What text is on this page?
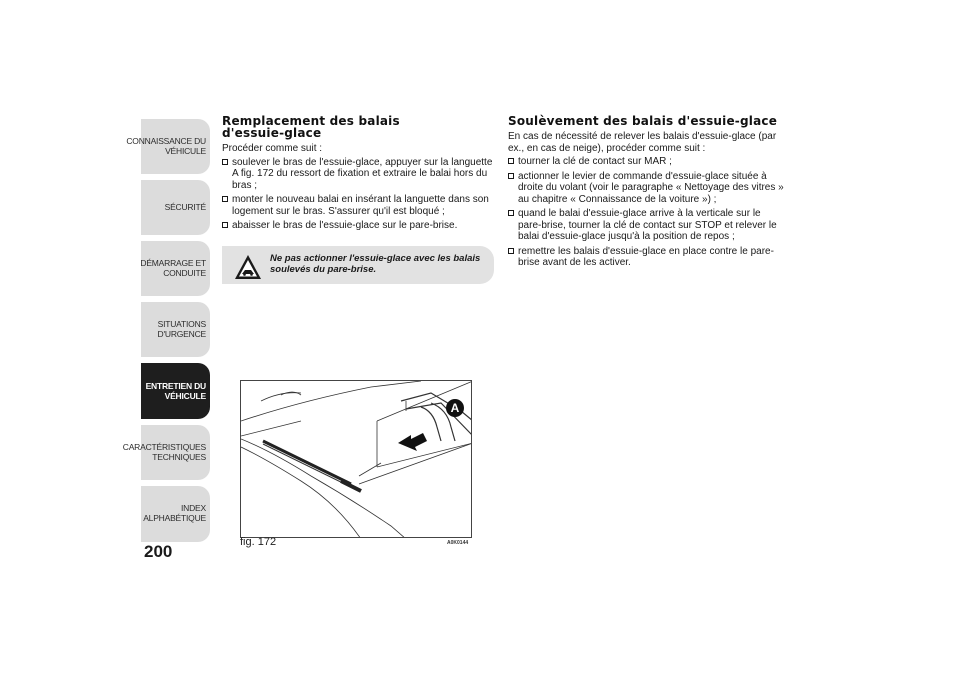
CONNAISSANCE DU
VÉHICULE
SÉCURITÉ
DÉMARRAGE ET
CONDUITE
SITUATIONS
D'URGENCE
ENTRETIEN DU
VÉHICULE
CARACTÉRISTIQUES
TECHNIQUES
INDEX
ALPHABÉTIQUE
200
Remplacement des balais
d'essuie-glace

Procéder comme suit :

soulever le bras de l'essuie-glace, appuyer sur la languette A fig. 172 du ressort de fixation et extraire le balai hors du bras ;
monter le nouveau balai en insérant la languette dans son logement sur le bras. S'assurer qu'il est bloqué ;
abaisser le bras de l'essuie-glace sur le pare-brise.
Ne pas actionner l'essuie-glace avec les balais soulevés du pare-brise.
A
fig. 172	A0K0144
Soulèvement des balais d'essuie-glace

En cas de nécessité de relever les balais d'essuie-glace (par ex., en cas de neige), procéder comme suit :

tourner la clé de contact sur MAR ;
actionner le levier de commande d'essuie-glace située à droite du volant (voir le paragraphe « Nettoyage des vitres » au chapitre « Connaissance de la voiture ») ;
quand le balai d'essuie-glace arrive à la verticale sur le pare-brise, tourner la clé de contact sur STOP et relever le balai d'essuie-glace jusqu'à la position de repos ;
remettre les balais d'essuie-glace en place contre le pare-brise avant de les activer.
